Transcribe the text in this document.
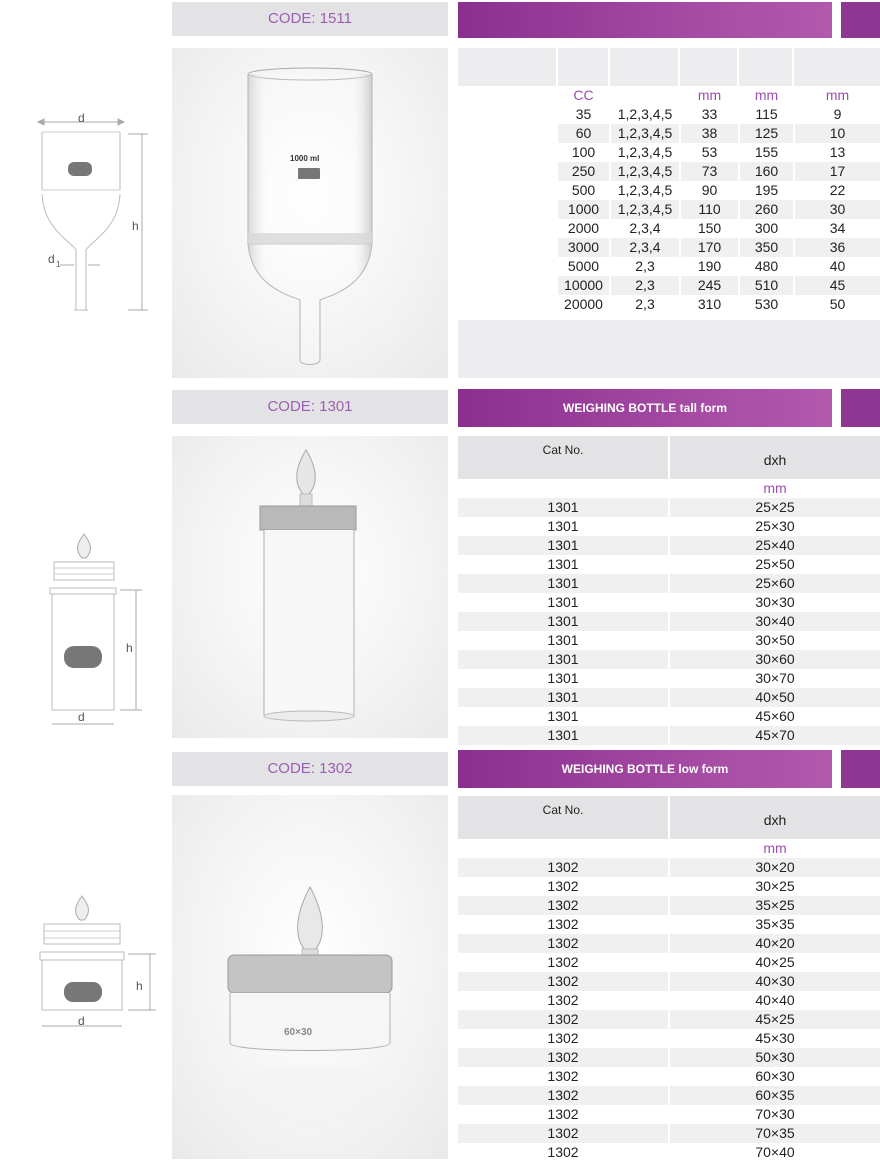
CODE: 1511
d
h
d 1
1000 ml
CC		mm	mm	mm
35	1,2,3,4,5	33	115	9
60	1,2,3,4,5	38	125	10
100	1,2,3,4,5	53	155	13
250	1,2,3,4,5	73	160	17
500	1,2,3,4,5	90	195	22
1000	1,2,3,4,5	110	260	30
2000	2,3,4	150	300	34
3000	2,3,4	170	350	36
5000	2,3	190	480	40
10000	2,3	245	510	45
20000	2,3	310	530	50
CODE: 1301	WEIGHING BOTTLE tall form
h
d
Cat No.	dxh
	mm
1301	25×25
1301	25×30
1301	25×40
1301	25×50
1301	25×60
1301	30×30
1301	30×40
1301	30×50
1301	30×60
1301	30×70
1301	40×50
1301	45×60
1301	45×70
CODE: 1302	WEIGHING BOTTLE low form
h
d
60×30
Cat No.	dxh
	mm
1302	30×20
1302	30×25
1302	35×25
1302	35×35
1302	40×20
1302	40×25
1302	40×30
1302	40×40
1302	45×25
1302	45×30
1302	50×30
1302	60×30
1302	60×35
1302	70×30
1302	70×35
1302	70×40
